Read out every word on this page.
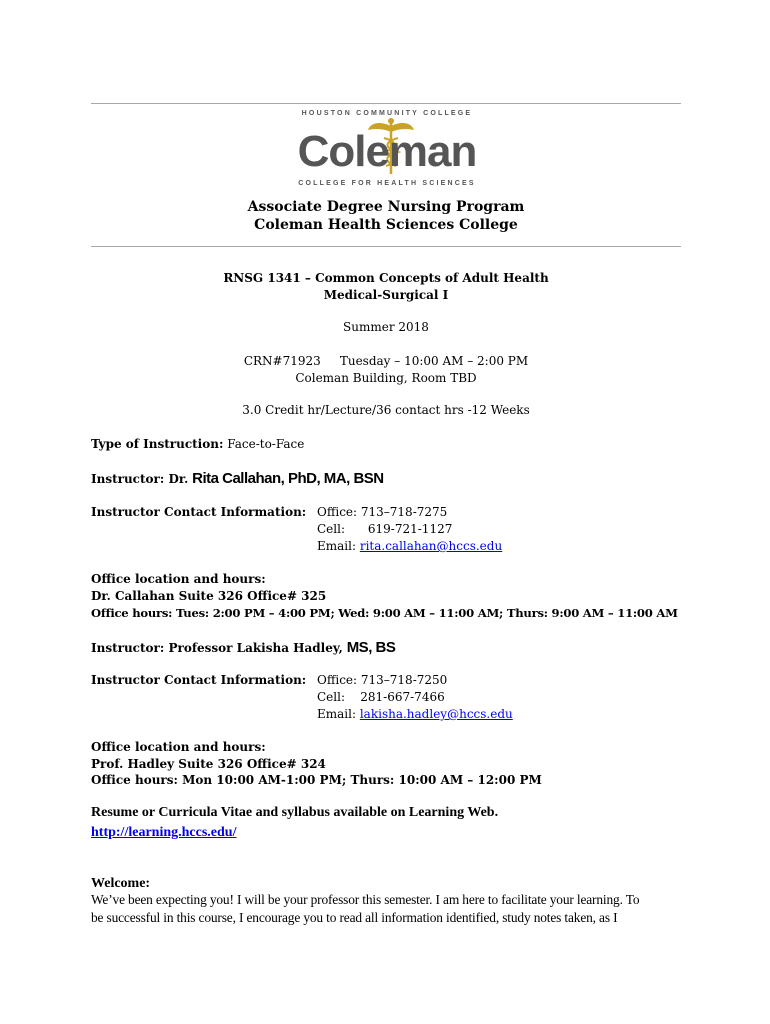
HOUSTON COMMUNITY COLLEGE
Coleman
COLLEGE FOR HEALTH SCIENCES
Associate Degree Nursing Program
Coleman Health Sciences College
RNSG 1341 – Common Concepts of Adult Health
Medical-Surgical I
Summer 2018
CRN#71923     Tuesday – 10:00 AM – 2:00 PM
Coleman Building, Room TBD
3.0 Credit hr/Lecture/36 contact hrs -12 Weeks
Type of Instruction: Face-to-Face
Instructor: Dr. Rita Callahan, PhD, MA, BSN
Instructor Contact Information: Office: 713–718-7275
Cell:      619-721-1127
Email: rita.callahan@hccs.edu
Office location and hours:
Dr. Callahan Suite 326 Office# 325
Office hours: Tues: 2:00 PM – 4:00 PM; Wed: 9:00 AM – 11:00 AM; Thurs: 9:00 AM – 11:00 AM
Instructor: Professor Lakisha Hadley, MS, BS
Instructor Contact Information: Office: 713–718-7250
Cell:    281-667-7466
Email: lakisha.hadley@hccs.edu
Office location and hours:
Prof. Hadley Suite 326 Office# 324
Office hours: Mon 10:00 AM-1:00 PM; Thurs: 10:00 AM – 12:00 PM
Resume or Curricula Vitae and syllabus available on Learning Web.
http://learning.hccs.edu/
Welcome:
We’ve been expecting you! I will be your professor this semester. I am here to facilitate your learning. To
be successful in this course, I encourage you to read all information identified, study notes taken, as I
